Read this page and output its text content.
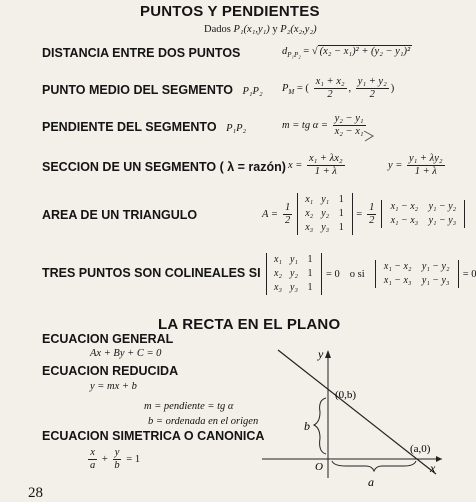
PUNTOS Y PENDIENTES
Dados P₁(x₁,y₁) y P₂(x₂,y₂)
DISTANCIA ENTRE DOS PUNTOS	$d_{P_1P_2}$ = √ (x₂ − x₁)² + (y₂ − y₁)²
PUNTO MEDIO DEL SEGMENTO P₁P₂ $P_M$ = ( $\frac{\text{x₁ + x₂}}{2}$ , $\frac{\text{y₁ + y₂}}{2}$ )
PENDIENTE DEL SEGMENTO P₁P₂	m = tg $\alpha = \frac{\text{y₂ − y₁}}{\text{x₂ − x₁}}$
SECCION DE UN SEGMENTO ( λ = razón) $x = \frac{\text{x₁ + λx₂}}{1 + \lambda}$	$y = \frac{\text{y₁ + λy₂}}{1 + \lambda}$
AREA DE UN TRIANGULO	$A = \frac{1}{2}$
x₁ y₁ 1
x₂ y₂ 1
x₃ y₃ 1
= $\frac{1}{2}$	x₁ − x₂	y₁ − y₂
x₁ − x₃	y₁ − y₃
TRES PUNTOS SON COLINEALES SI
x₁ y₁ 1
x₂ y₂ 1
x₃ y₃ 1
= 0 o si
x₁ − x₂	y₁ − y₂
x₁ − x₃	y₁ − y₃
= 0
LA RECTA EN EL PLANO
ECUACION GENERAL
Ax + By + C = 0
ECUACION REDUCIDA
y = mx + b
m = pendiente = tg α
b = ordenada en el origen
ECUACION SIMETRICA O CANONICA
$\frac{x}{a} + \frac{y}{b} = 1$
y
x
O
(0,b)
(a,0)
b
a
28
